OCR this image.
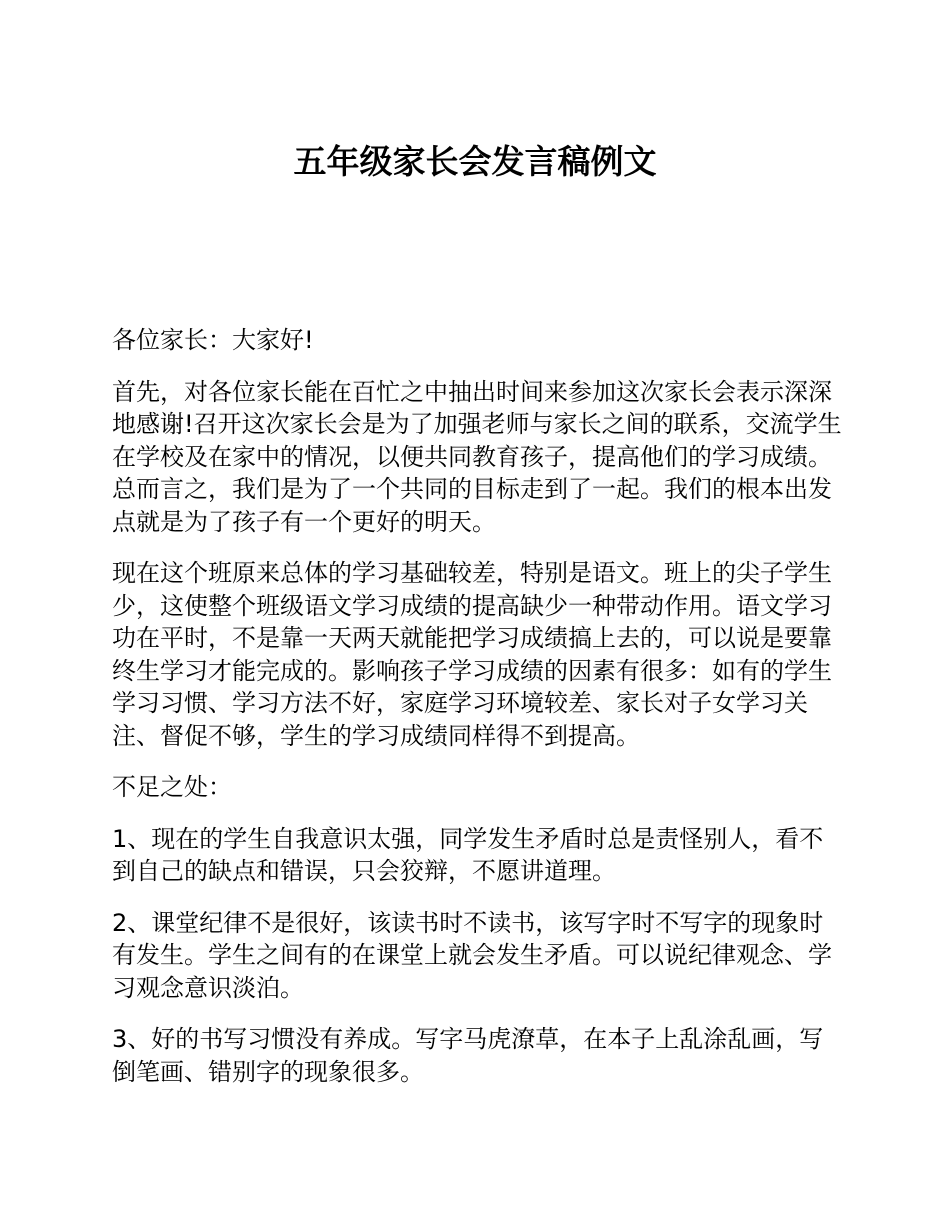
五年级家长会发言稿例文

各位家长：大家好!

首先，对各位家长能在百忙之中抽出时间来参加这次家长会表示深深地感谢!召开这次家长会是为了加强老师与家长之间的联系，交流学生在学校及在家中的情况，以便共同教育孩子，提高他们的学习成绩。总而言之，我们是为了一个共同的目标走到了一起。我们的根本出发点就是为了孩子有一个更好的明天。

现在这个班原来总体的学习基础较差，特别是语文。班上的尖子学生少，这使整个班级语文学习成绩的提高缺少一种带动作用。语文学习功在平时，不是靠一天两天就能把学习成绩搞上去的，可以说是要靠终生学习才能完成的。影响孩子学习成绩的因素有很多：如有的学生学习习惯、学习方法不好，家庭学习环境较差、家长对子女学习关注、督促不够，学生的学习成绩同样得不到提高。

不足之处：

1、现在的学生自我意识太强，同学发生矛盾时总是责怪别人，看不到自己的缺点和错误，只会狡辩，不愿讲道理。

2、课堂纪律不是很好，该读书时不读书，该写字时不写字的现象时有发生。学生之间有的在课堂上就会发生矛盾。可以说纪律观念、学习观念意识淡泊。

3、好的书写习惯没有养成。写字马虎潦草，在本子上乱涂乱画，写倒笔画、错别字的现象很多。
